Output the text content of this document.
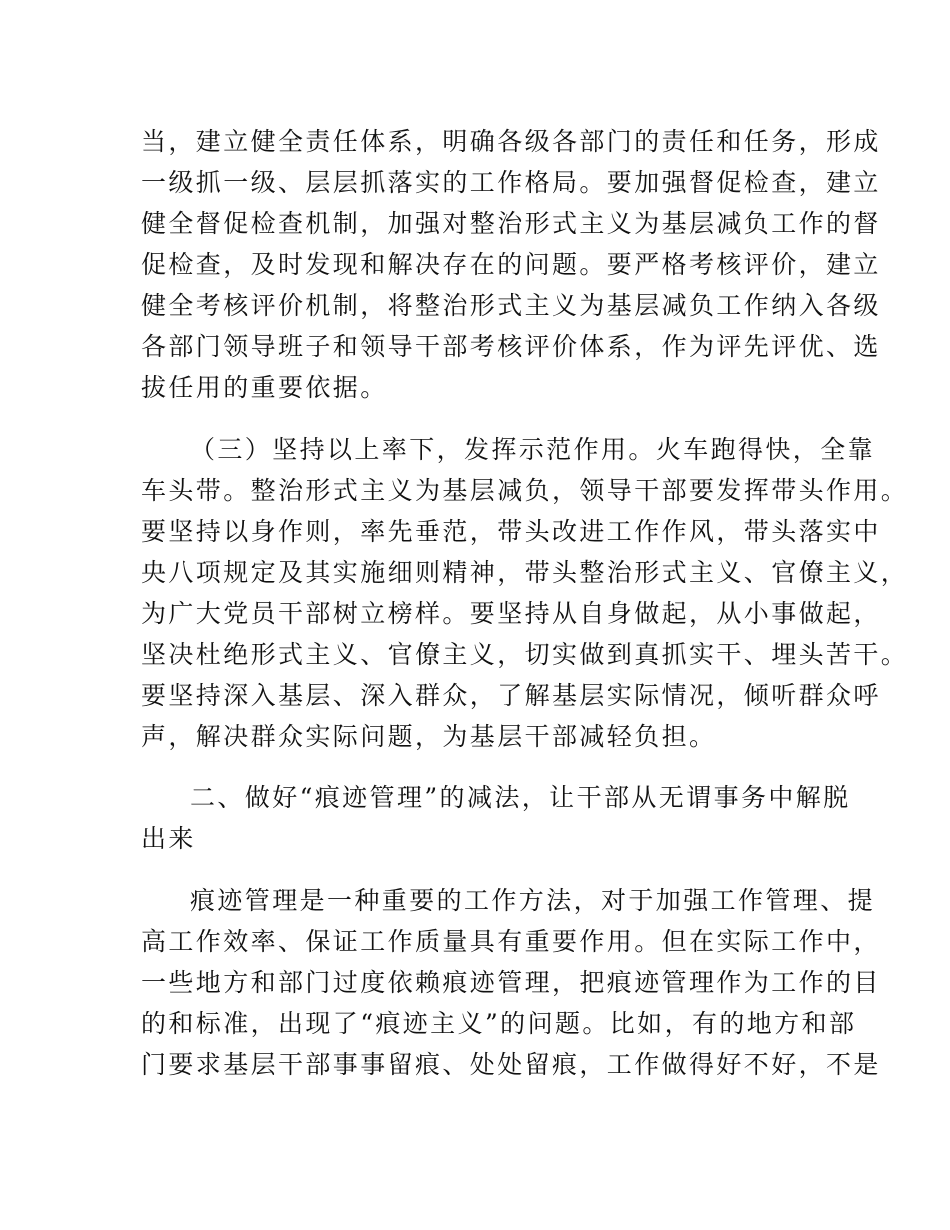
当，建立健全责任体系，明确各级各部门的责任和任务，形成
一级抓一级、层层抓落实的工作格局。要加强督促检查，建立
健全督促检查机制，加强对整治形式主义为基层减负工作的督
促检查，及时发现和解决存在的问题。要严格考核评价，建立
健全考核评价机制，将整治形式主义为基层减负工作纳入各级
各部门领导班子和领导干部考核评价体系，作为评先评优、选
拔任用的重要依据。
（三）坚持以上率下，发挥示范作用。火车跑得快，全靠
车头带。整治形式主义为基层减负，领导干部要发挥带头作用。
要坚持以身作则，率先垂范，带头改进工作作风，带头落实中
央八项规定及其实施细则精神，带头整治形式主义、官僚主义，
为广大党员干部树立榜样。要坚持从自身做起，从小事做起，
坚决杜绝形式主义、官僚主义，切实做到真抓实干、埋头苦干。
要坚持深入基层、深入群众，了解基层实际情况，倾听群众呼
声，解决群众实际问题，为基层干部减轻负担。
二、做好“痕迹管理”的减法，让干部从无谓事务中解脱
出来
痕迹管理是一种重要的工作方法，对于加强工作管理、提
高工作效率、保证工作质量具有重要作用。但在实际工作中，
一些地方和部门过度依赖痕迹管理，把痕迹管理作为工作的目
的和标准，出现了“痕迹主义”的问题。比如，有的地方和部
门要求基层干部事事留痕、处处留痕，工作做得好不好，不是
